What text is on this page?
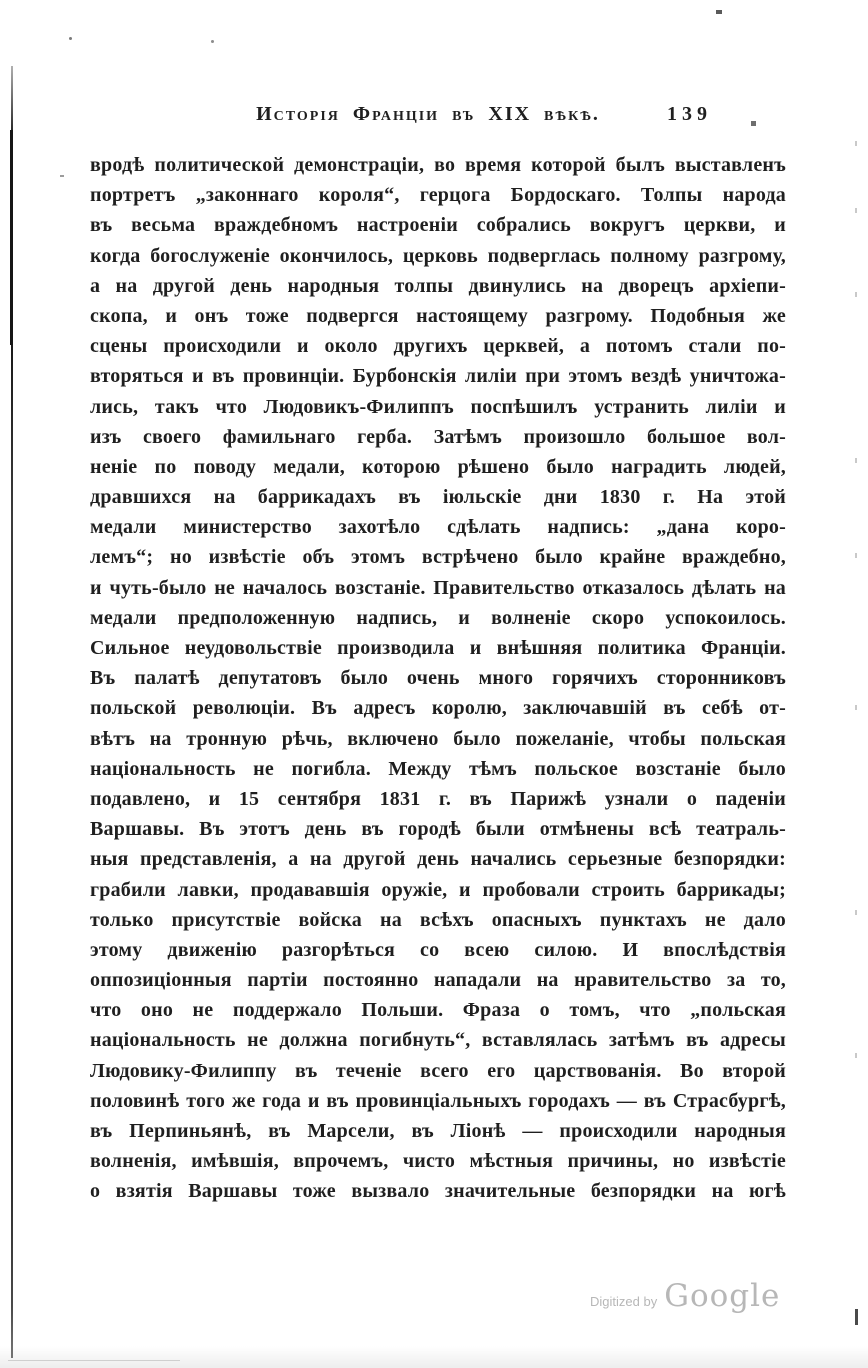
Исторія Франціи въ XIX вѣкѣ.	139

вродѣ политической демонстраціи, во время которой былъ выставленъ

портретъ „законнаго короля“, герцога Бордоскаго. Толпы народа

въ весьма враждебномъ настроеніи собрались вокругъ церкви, и

когда богослуженіе окончилось, церковь подверглась полному разгрому,

а на другой день народныя толпы двинулись на дворецъ архіепи-

скопа, и онъ тоже подвергся настоящему разгрому. Подобныя же

сцены происходили и около другихъ церквей, а потомъ стали по-

вторяться и въ провинціи. Бурбонскія лиліи при этомъ вездѣ уничтожа-

лись, такъ что Людовикъ-Филиппъ поспѣшилъ устранить лиліи и

изъ своего фамильнаго герба. Затѣмъ произошло большое вол-

неніе по поводу медали, которою рѣшено было наградить людей,

дравшихся на баррикадахъ въ іюльскіе дни 1830 г. На этой

медали министерство захотѣло сдѣлать надпись: „дана коро-

лемъ“; но извѣстіе объ этомъ встрѣчено было крайне враждебно,

и чуть-было не началось возстаніе. Правительство отказалось дѣлать на

медали предположенную надпись, и волненіе скоро успокоилось.

Сильное неудовольствіе производила и внѣшняя политика Франціи.

Въ палатѣ депутатовъ было очень много горячихъ сторонниковъ

польской революціи. Въ адресъ королю, заключавшій въ себѣ от-

вѣтъ на тронную рѣчь, включено было пожеланіе, чтобы польская

національность не погибла. Между тѣмъ польское возстаніе было

подавлено, и 15 сентября 1831 г. въ Парижѣ узнали о паденіи

Варшавы. Въ этотъ день въ городѣ были отмѣнены всѣ театраль-

ныя представленія, а на другой день начались серьезные безпорядки:

грабили лавки, продававшія оружіе, и пробовали строить баррикады;

только присутствіе войска на всѣхъ опасныхъ пунктахъ не дало

этому движенію разгорѣться со всею силою. И впослѣдствія

оппозиціонныя партіи постоянно нападали на нравительство за то,

что оно не поддержало Польши. Фраза о томъ, что „польская

національность не должна погибнуть“, вставлялась затѣмъ въ адресы

Людовику-Филиппу въ теченіе всего его царствованія. Во второй

половинѣ того же года и въ провинціальныхъ городахъ — въ Страсбургѣ,

въ Перпиньянѣ, въ Марсели, въ Ліонѣ — происходили народныя

волненія, имѣвшія, впрочемъ, чисто мѣстныя причины, но извѣстіе

о взятія Варшавы тоже вызвало значительные безпорядки на югѣ

Digitized by Google
